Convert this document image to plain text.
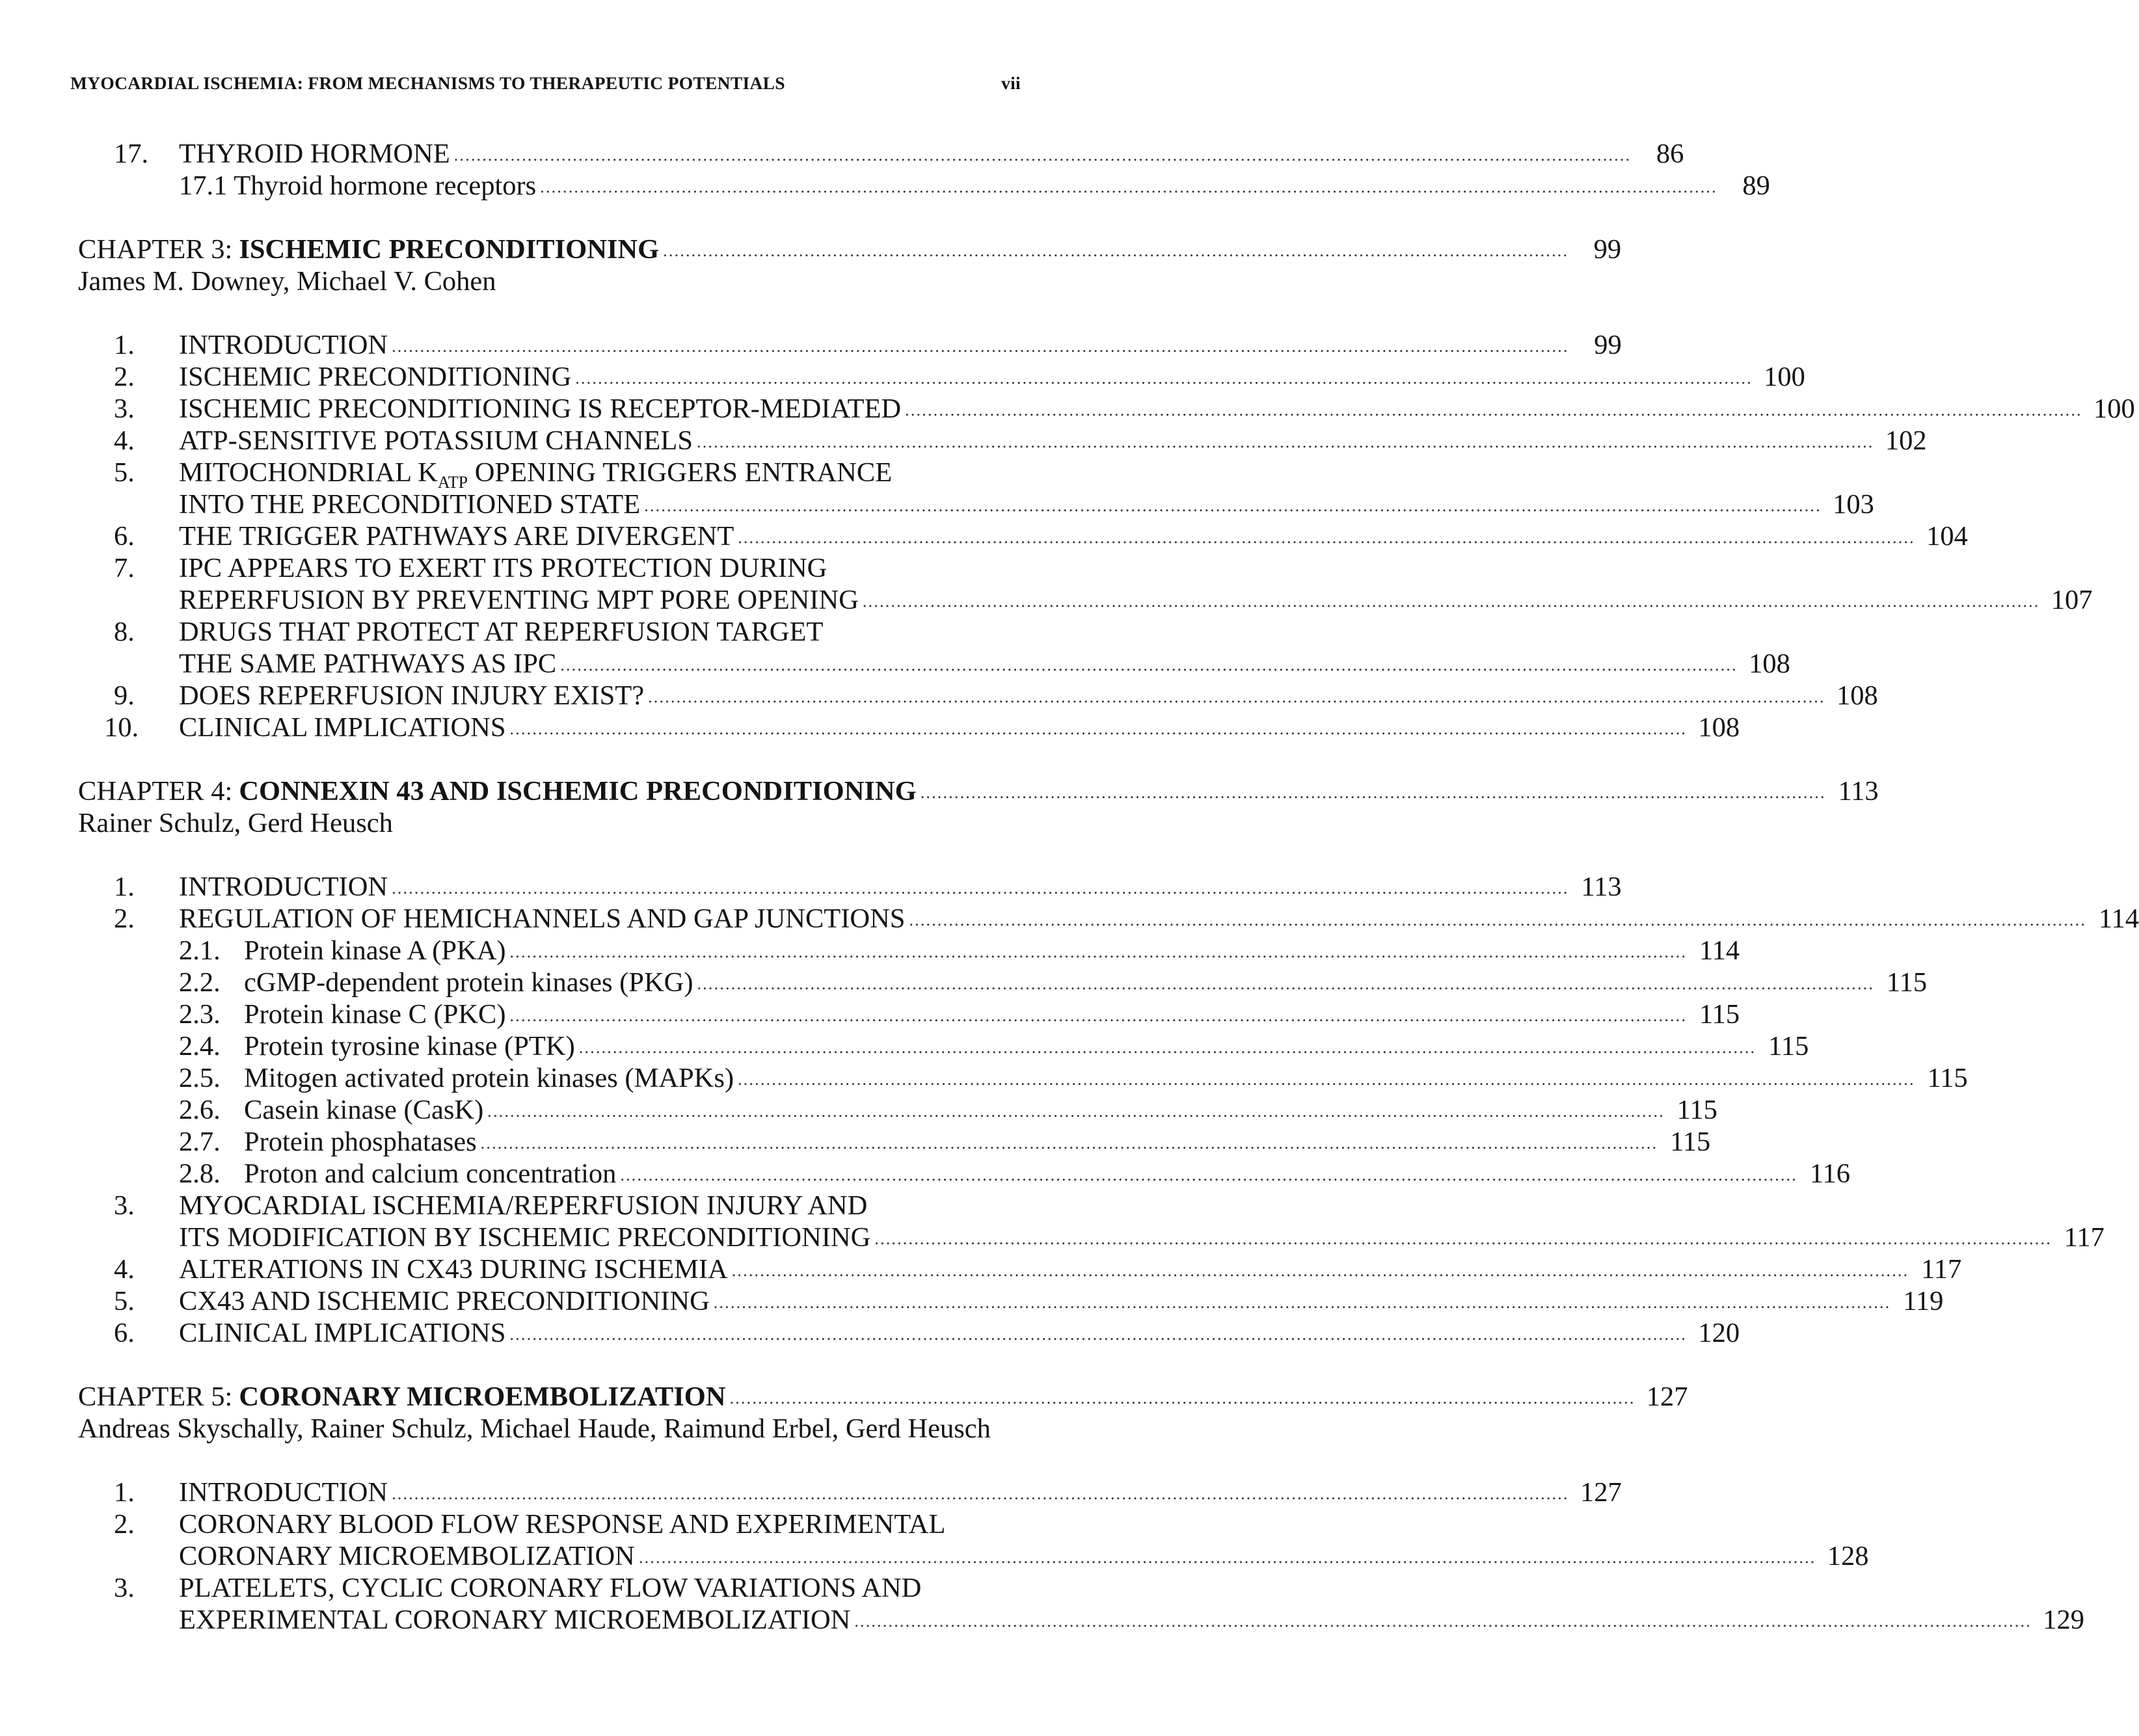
MYOCARDIAL ISCHEMIA: FROM MECHANISMS TO THERAPEUTIC POTENTIALS	vii
17.	THYROID HORMONE .....	86
17.1 Thyroid hormone receptors .....	89
CHAPTER 3: ISCHEMIC PRECONDITIONING .....	99
James M. Downey, Michael V. Cohen
1.	INTRODUCTION .....	99
2.	ISCHEMIC PRECONDITIONING .....	100
3.	ISCHEMIC PRECONDITIONING IS RECEPTOR-MEDIATED .....	100
4.	ATP-SENSITIVE POTASSIUM CHANNELS .....	102
5.	MITOCHONDRIAL $K_{ATP}$ OPENING TRIGGERS ENTRANCE
INTO THE PRECONDITIONED STATE .....	103
6.	THE TRIGGER PATHWAYS ARE DIVERGENT .....	104
7.	IPC APPEARS TO EXERT ITS PROTECTION DURING
REPERFUSION BY PREVENTING MPT PORE OPENING .....	107
8.	DRUGS THAT PROTECT AT REPERFUSION TARGET
THE SAME PATHWAYS AS IPC .....	108
9.	DOES REPERFUSION INJURY EXIST? .....	108
10.	CLINICAL IMPLICATIONS .....	108
CHAPTER 4: CONNEXIN 43 AND ISCHEMIC PRECONDITIONING .....	113
Rainer Schulz, Gerd Heusch
1.	INTRODUCTION .....	113
2.	REGULATION OF HEMICHANNELS AND GAP JUNCTIONS .....	114
2.1. Protein kinase A (PKA) .....	114
2.2. cGMP-dependent protein kinases (PKG) .....	115
2.3. Protein kinase C (PKC) .....	115
2.4. Protein tyrosine kinase (PTK) .....	115
2.5. Mitogen activated protein kinases (MAPKs) .....	115
2.6. Casein kinase (CasK) .....	115
2.7. Protein phosphatases .....	115
2.8. Proton and calcium concentration .....	116
3.	MYOCARDIAL ISCHEMIA/REPERFUSION INJURY AND
ITS MODIFICATION BY ISCHEMIC PRECONDITIONING .....	117
4.	ALTERATIONS IN CX43 DURING ISCHEMIA .....	117
5.	CX43 AND ISCHEMIC PRECONDITIONING .....	119
6.	CLINICAL IMPLICATIONS .....	120
CHAPTER 5: CORONARY MICROEMBOLIZATION .....	127
Andreas Skyschally, Rainer Schulz, Michael Haude, Raimund Erbel, Gerd Heusch
1.	INTRODUCTION .....	127
2.	CORONARY BLOOD FLOW RESPONSE AND EXPERIMENTAL
CORONARY MICROEMBOLIZATION .....	128
3.	PLATELETS, CYCLIC CORONARY FLOW VARIATIONS AND
EXPERIMENTAL CORONARY MICROEMBOLIZATION .....	129
